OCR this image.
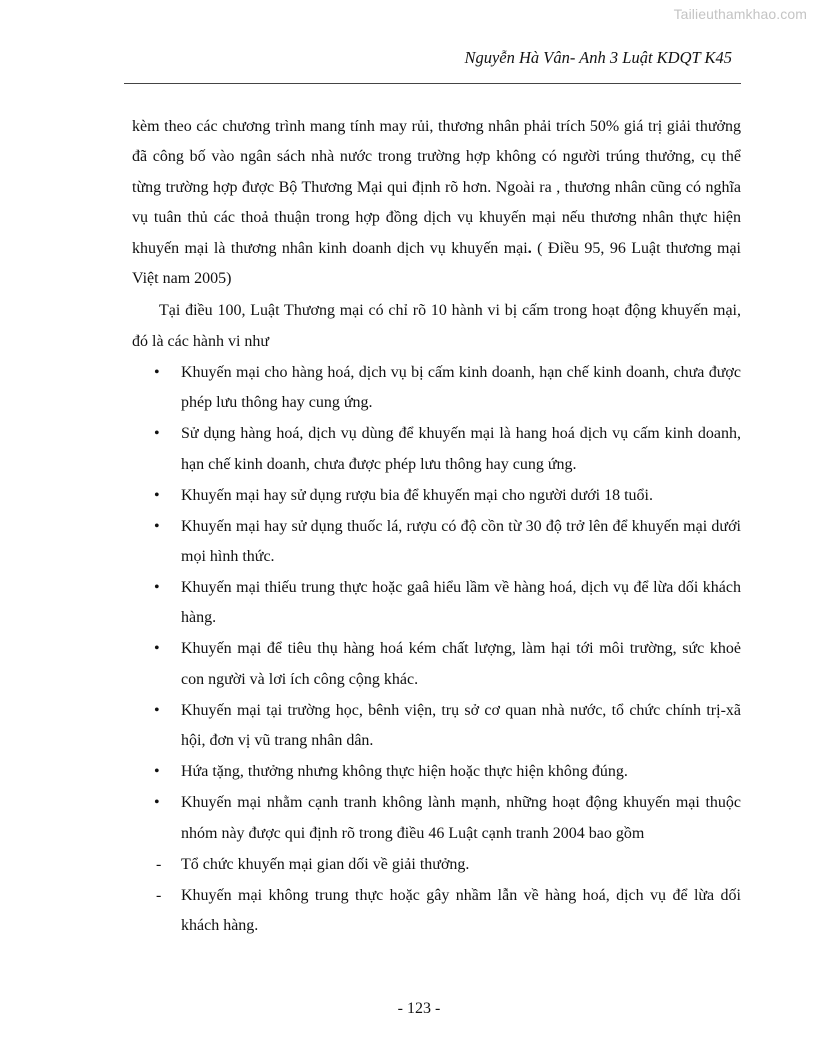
Tailieuthamkhao.com
Nguyễn Hà Vân- Anh 3 Luật KDQT K45

kèm theo các chương trình mang tính may rủi, thương nhân phải trích 50% giá trị giải thưởng đã công bố vào ngân sách nhà nước trong trường hợp không có người trúng thưởng, cụ thể từng trường hợp được Bộ Thương Mại qui định rõ hơn. Ngoài ra , thương nhân cũng có nghĩa vụ tuân thủ các thoả thuận trong hợp đồng dịch vụ khuyến mại nếu thương nhân thực hiện khuyến mại là thương nhân kinh doanh dịch vụ khuyến mại. ( Điều 95, 96 Luật thương mại Việt nam 2005)

Tại điều 100, Luật Thương mại có chỉ rõ 10 hành vi bị cấm trong hoạt động khuyến mại, đó là các hành vi như

• Khuyến mại cho hàng hoá, dịch vụ bị cấm kinh doanh, hạn chế kinh doanh, chưa được phép lưu thông hay cung ứng.
• Sử dụng hàng hoá, dịch vụ dùng để khuyến mại là hang hoá dịch vụ cấm kinh doanh, hạn chế kinh doanh, chưa được phép lưu thông hay cung ứng.
• Khuyến mại hay sử dụng rượu bia để khuyến mại cho người dưới 18 tuổi.
• Khuyến mại hay sử dụng thuốc lá, rượu có độ cồn từ 30 độ trở lên để khuyến mại dưới mọi hình thức.
• Khuyến mại thiếu trung thực hoặc gaâ hiểu lầm về hàng hoá, dịch vụ để lừa dối khách hàng.
• Khuyến mại để tiêu thụ hàng hoá kém chất lượng, làm hại tới môi trường, sức khoẻ con người và lơi ích công cộng khác.
• Khuyến mại tại trường học, bênh viện, trụ sở cơ quan nhà nước, tổ chức chính trị-xã hội, đơn vị vũ trang nhân dân.
• Hứa tặng, thưởng nhưng không thực hiện hoặc thực hiện không đúng.
• Khuyến mại nhằm cạnh tranh không lành mạnh, những hoạt động khuyến mại thuộc nhóm này được qui định rõ trong điều 46 Luật cạnh tranh 2004 bao gồm
- Tổ chức khuyến mại gian dối về giải thưởng.
- Khuyến mại không trung thực hoặc gây nhầm lẫn về hàng hoá, dịch vụ để lừa dối khách hàng.
- 123 -
